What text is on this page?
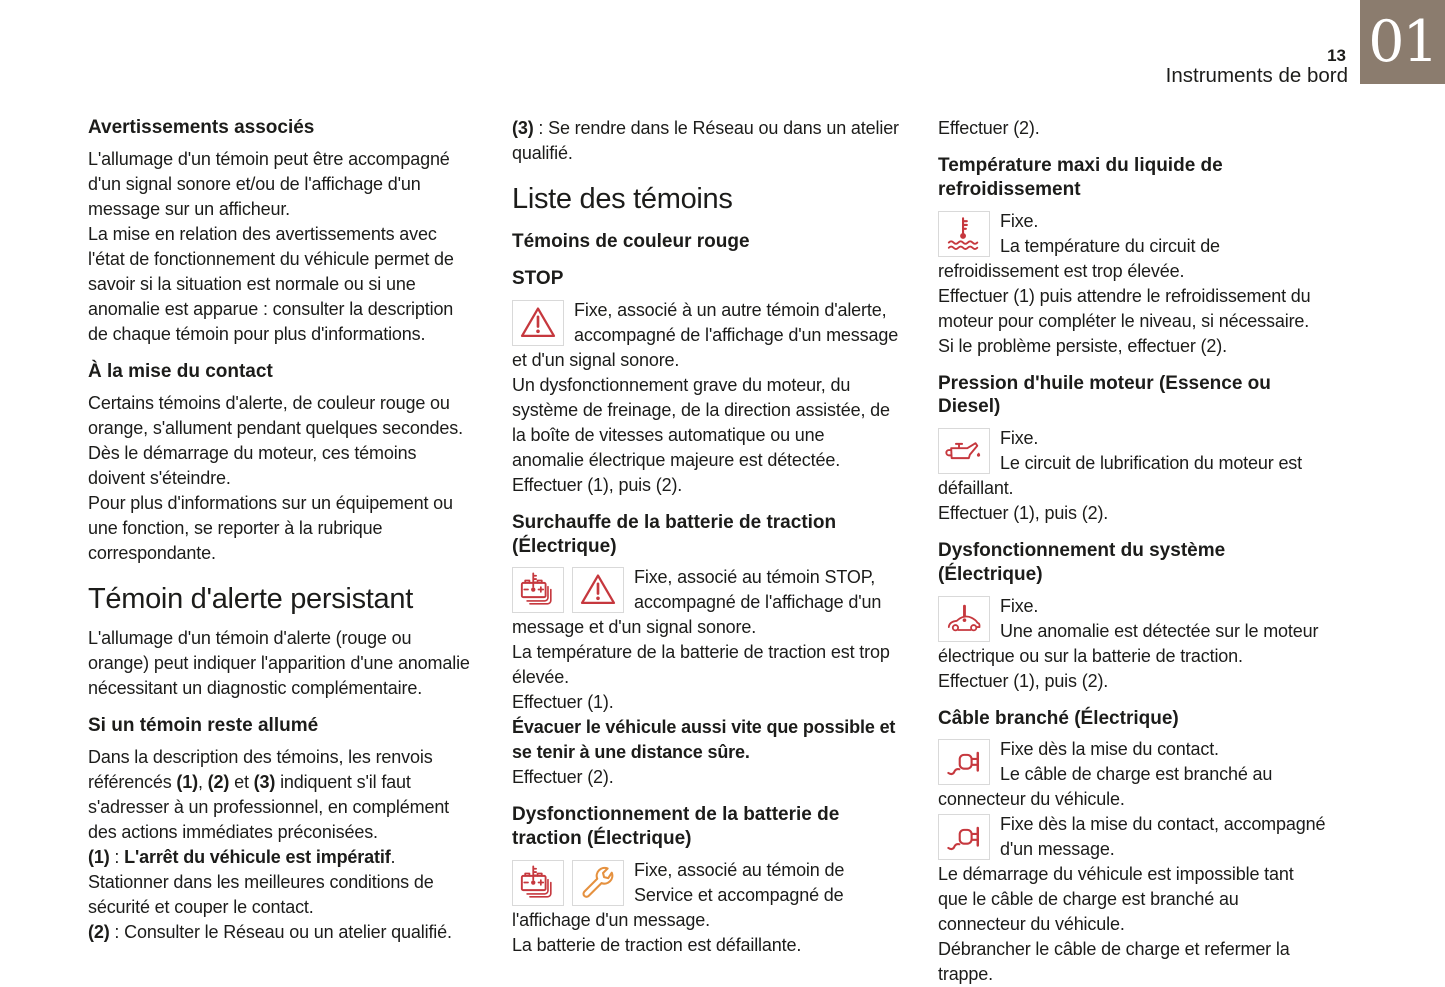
13
Instruments de bord
01
Avertissements associés
L'allumage d'un témoin peut être accompagné d'un signal sonore et/ou de l'affichage d'un message sur un afficheur.
La mise en relation des avertissements avec l'état de fonctionnement du véhicule permet de savoir si la situation est normale ou si une anomalie est apparue : consulter la description de chaque témoin pour plus d'informations.
À la mise du contact
Certains témoins d'alerte, de couleur rouge ou orange, s'allument pendant quelques secondes. Dès le démarrage du moteur, ces témoins doivent s'éteindre.
Pour plus d'informations sur un équipement ou une fonction, se reporter à la rubrique correspondante.
Témoin d'alerte persistant
L'allumage d'un témoin d'alerte (rouge ou orange) peut indiquer l'apparition d'une anomalie nécessitant un diagnostic complémentaire.
Si un témoin reste allumé
Dans la description des témoins, les renvois référencés (1), (2) et (3) indiquent s'il faut s'adresser à un professionnel, en complément des actions immédiates préconisées.
(1) : L'arrêt du véhicule est impératif.
Stationner dans les meilleures conditions de sécurité et couper le contact.
(2) : Consulter le Réseau ou un atelier qualifié.
(3) : Se rendre dans le Réseau ou dans un atelier qualifié.
Liste des témoins
Témoins de couleur rouge
STOP
Fixe, associé à un autre témoin d'alerte, accompagné de l'affichage d'un message et d'un signal sonore.
Un dysfonctionnement grave du moteur, du système de freinage, de la direction assistée, de la boîte de vitesses automatique ou une anomalie électrique majeure est détectée.
Effectuer (1), puis (2).
Surchauffe de la batterie de traction (Électrique)
Fixe, associé au témoin STOP, accompagné de l'affichage d'un message et d'un signal sonore.
La température de la batterie de traction est trop élevée.
Effectuer (1).
Évacuer le véhicule aussi vite que possible et se tenir à une distance sûre.
Effectuer (2).
Dysfonctionnement de la batterie de traction (Électrique)
Fixe, associé au témoin de Service et accompagné de l'affichage d'un message.
La batterie de traction est défaillante.
Effectuer (2).
Température maxi du liquide de refroidissement
Fixe.
La température du circuit de refroidissement est trop élevée.
Effectuer (1) puis attendre le refroidissement du moteur pour compléter le niveau, si nécessaire. Si le problème persiste, effectuer (2).
Pression d'huile moteur (Essence ou Diesel)
Fixe.
Le circuit de lubrification du moteur est défaillant.
Effectuer (1), puis (2).
Dysfonctionnement du système (Électrique)
Fixe.
Une anomalie est détectée sur le moteur électrique ou sur la batterie de traction.
Effectuer (1), puis (2).
Câble branché (Électrique)
Fixe dès la mise du contact.
Le câble de charge est branché au connecteur du véhicule.
Fixe dès la mise du contact, accompagné d'un message.
Le démarrage du véhicule est impossible tant que le câble de charge est branché au connecteur du véhicule.
Débrancher le câble de charge et refermer la trappe.
